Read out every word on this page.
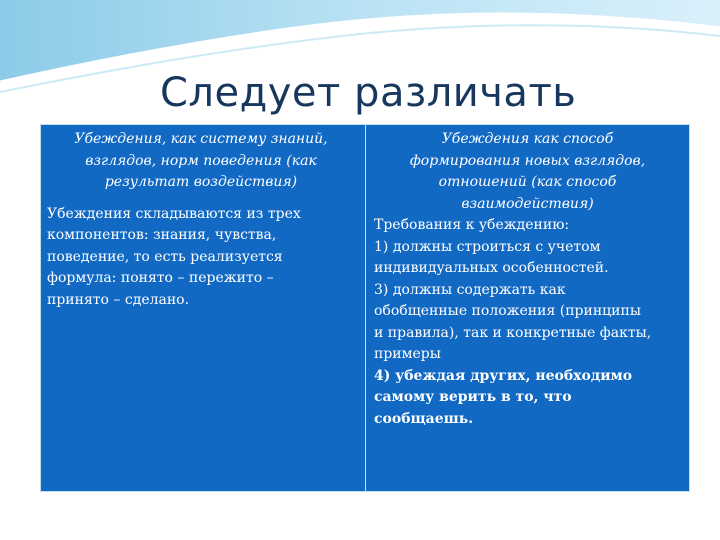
Следует различать

Убеждения, как систему знаний,
взглядов, норм поведения (как
результат воздействия)

Убеждения складываются из трех
компонентов: знания, чувства,
поведение, то есть реализуется
формула: понято – пережито –
принято – сделано.

Убеждения как способ
формирования новых взглядов,
отношений (как способ
взаимодействия)

Требования к убеждению:
1) должны строиться с учетом
индивидуальных особенностей.
3) должны содержать как
обобщенные положения (принципы
и правила), так и конкретные факты,
примеры
4) убеждая других, необходимо
самому верить в то, что
сообщаешь.
